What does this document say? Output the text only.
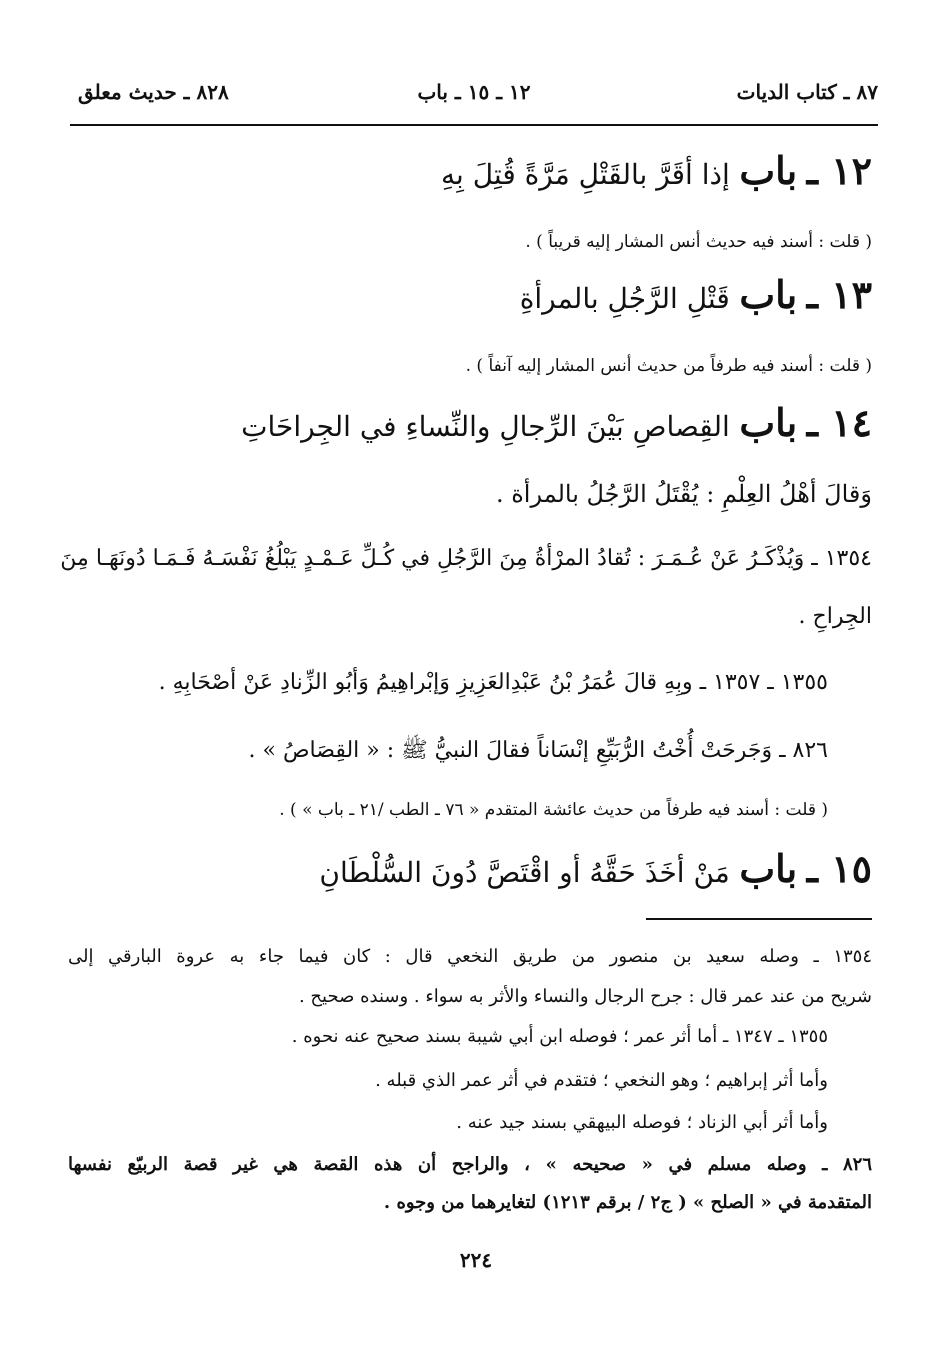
٨٧ ـ كتاب الديات
١٢ ـ ١٥ ـ باب
٨٢٨ ـ حديث معلق
١٢ ـ باب إذا أقَرَّ بالقَتْلِ مَرَّةً قُتِلَ بِهِ
( قلت : أسند فيه حديث أنس المشار إليه قريباً ) .
١٣ ـ باب قَتْلِ الرَّجُلِ بالمرأةِ
( قلت : أسند فيه طرفاً من حديث أنس المشار إليه آنفاً ) .
١٤ ـ باب القِصاصِ بَيْنَ الرِّجالِ والنِّساءِ في الجِراحَاتِ
وَقالَ أهْلُ العِلْمِ : يُقْتَلُ الرَّجُلُ بالمرأة .
١٣٥٤ ـ وَيُذْكَـرُ عَنْ عُـمَـرَ : تُقادُ المرْأةُ مِنَ الرَّجُلِ في كُـلِّ عَـمْـدٍ يَبْلُغُ نَفْسَـهُ فَـمَـا دُونَهَـا مِنَ
الجِراحِ .
١٣٥٥ ـ ١٣٥٧ ـ وبِهِ قالَ عُمَرُ بْنُ عَبْدِالعَزِيزِ وَإبْراهِيمُ وَأبُو الزِّنادِ عَنْ أصْحَابِهِ .
٨٢٦ ـ وَجَرحَتْ أُخْتُ الرُّبَيِّعِ إنْسَاناً فقالَ النبيُّ ﷺ : « القِصَاصُ » .
( قلت : أسند فيه طرفاً من حديث عائشة المتقدم « ٧٦ ـ الطب /٢١ ـ باب » ) .
١٥ ـ باب مَنْ أخَذَ حَقَّهُ أو اقْتَصَّ دُونَ السُّلْطَانِ
١٣٥٤ ـ وصله سعيد بن منصور من طريق النخعي قال : كان فيما جاء به عروة البارقي إلى
شريح من عند عمر قال : جرح الرجال والنساء والأثر به سواء . وسنده صحيح .
١٣٥٥ ـ ١٣٤٧ ـ أما أثر عمر ؛ فوصله ابن أبي شيبة بسند صحيح عنه نحوه .
وأما أثر إبراهيم ؛ وهو النخعي ؛ فتقدم في أثر عمر الذي قبله .
وأما أثر أبي الزناد ؛ فوصله البيهقي بسند جيد عنه .
٨٢٦ ـ وصله مسلم في « صحيحه » ، والراجح أن هذه القصة هي غير قصة الربيّع نفسها
المتقدمة في « الصلح » ( ج٢ / برقم ١٢١٣) لتغايرهما من وجوه .
٢٢٤
